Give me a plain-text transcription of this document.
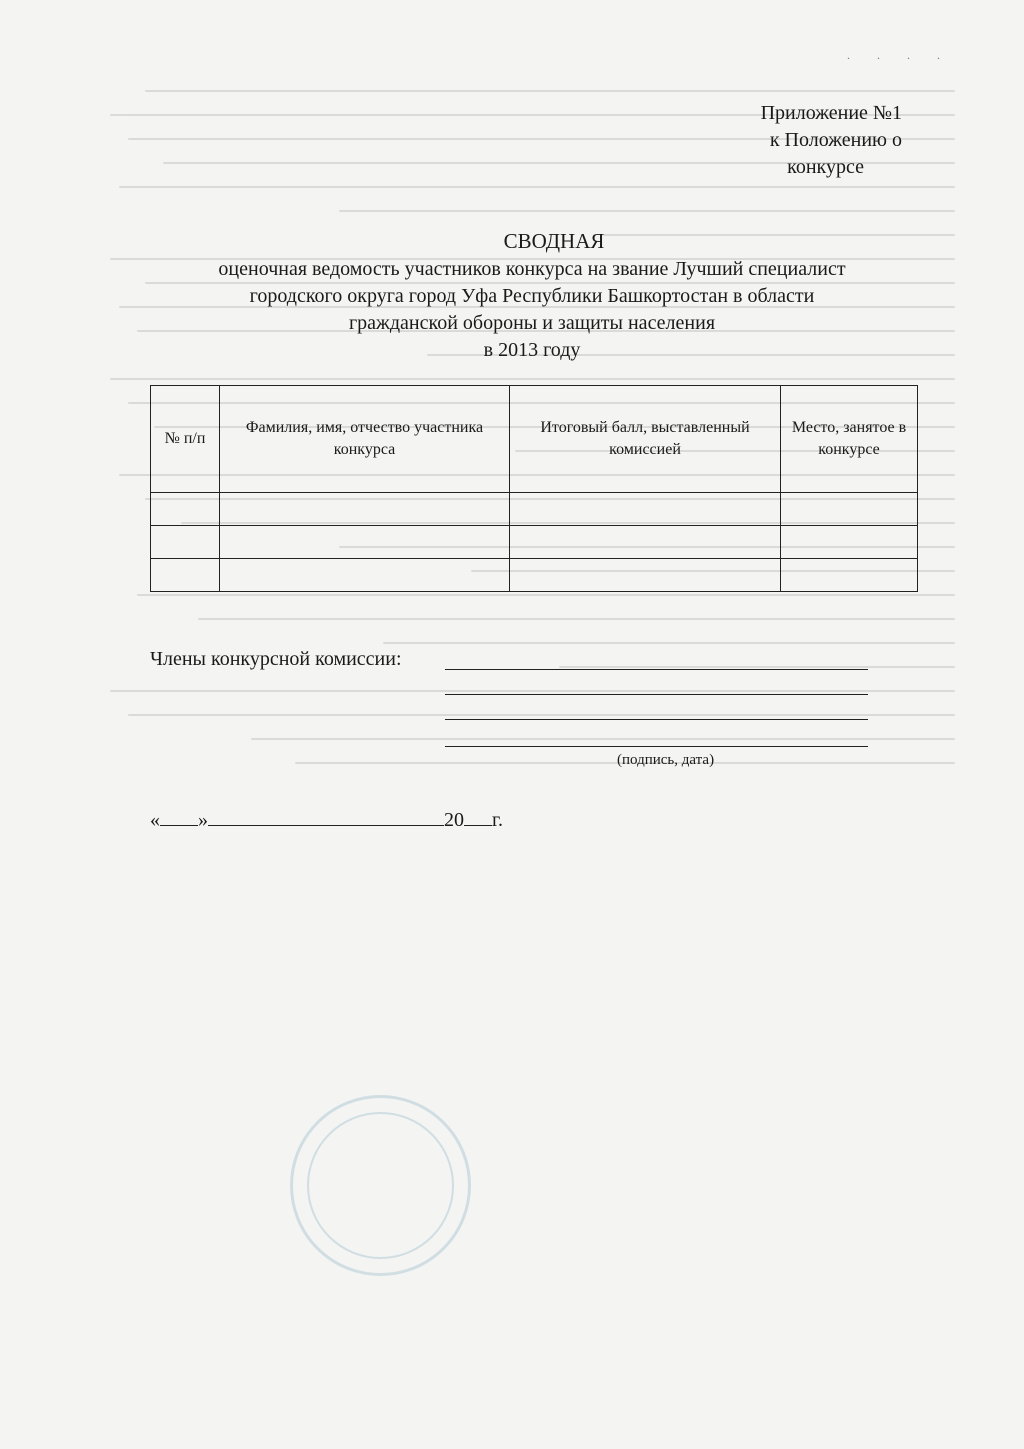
. . . .
Приложение №1
к Положению о
конкурсе
СВОДНАЯ
оценочная ведомость участников конкурса на звание Лучший специалист
городского округа город Уфа Республики Башкортостан в области
гражданской обороны и защиты населения
в 2013 году
№ п/п	Фамилия, имя, отчество участника конкурса	Итоговый балл, выставленный комиссией	Место, занятое в конкурсе

Члены конкурсной комиссии:
(подпись, дата)
« »	20 г.
